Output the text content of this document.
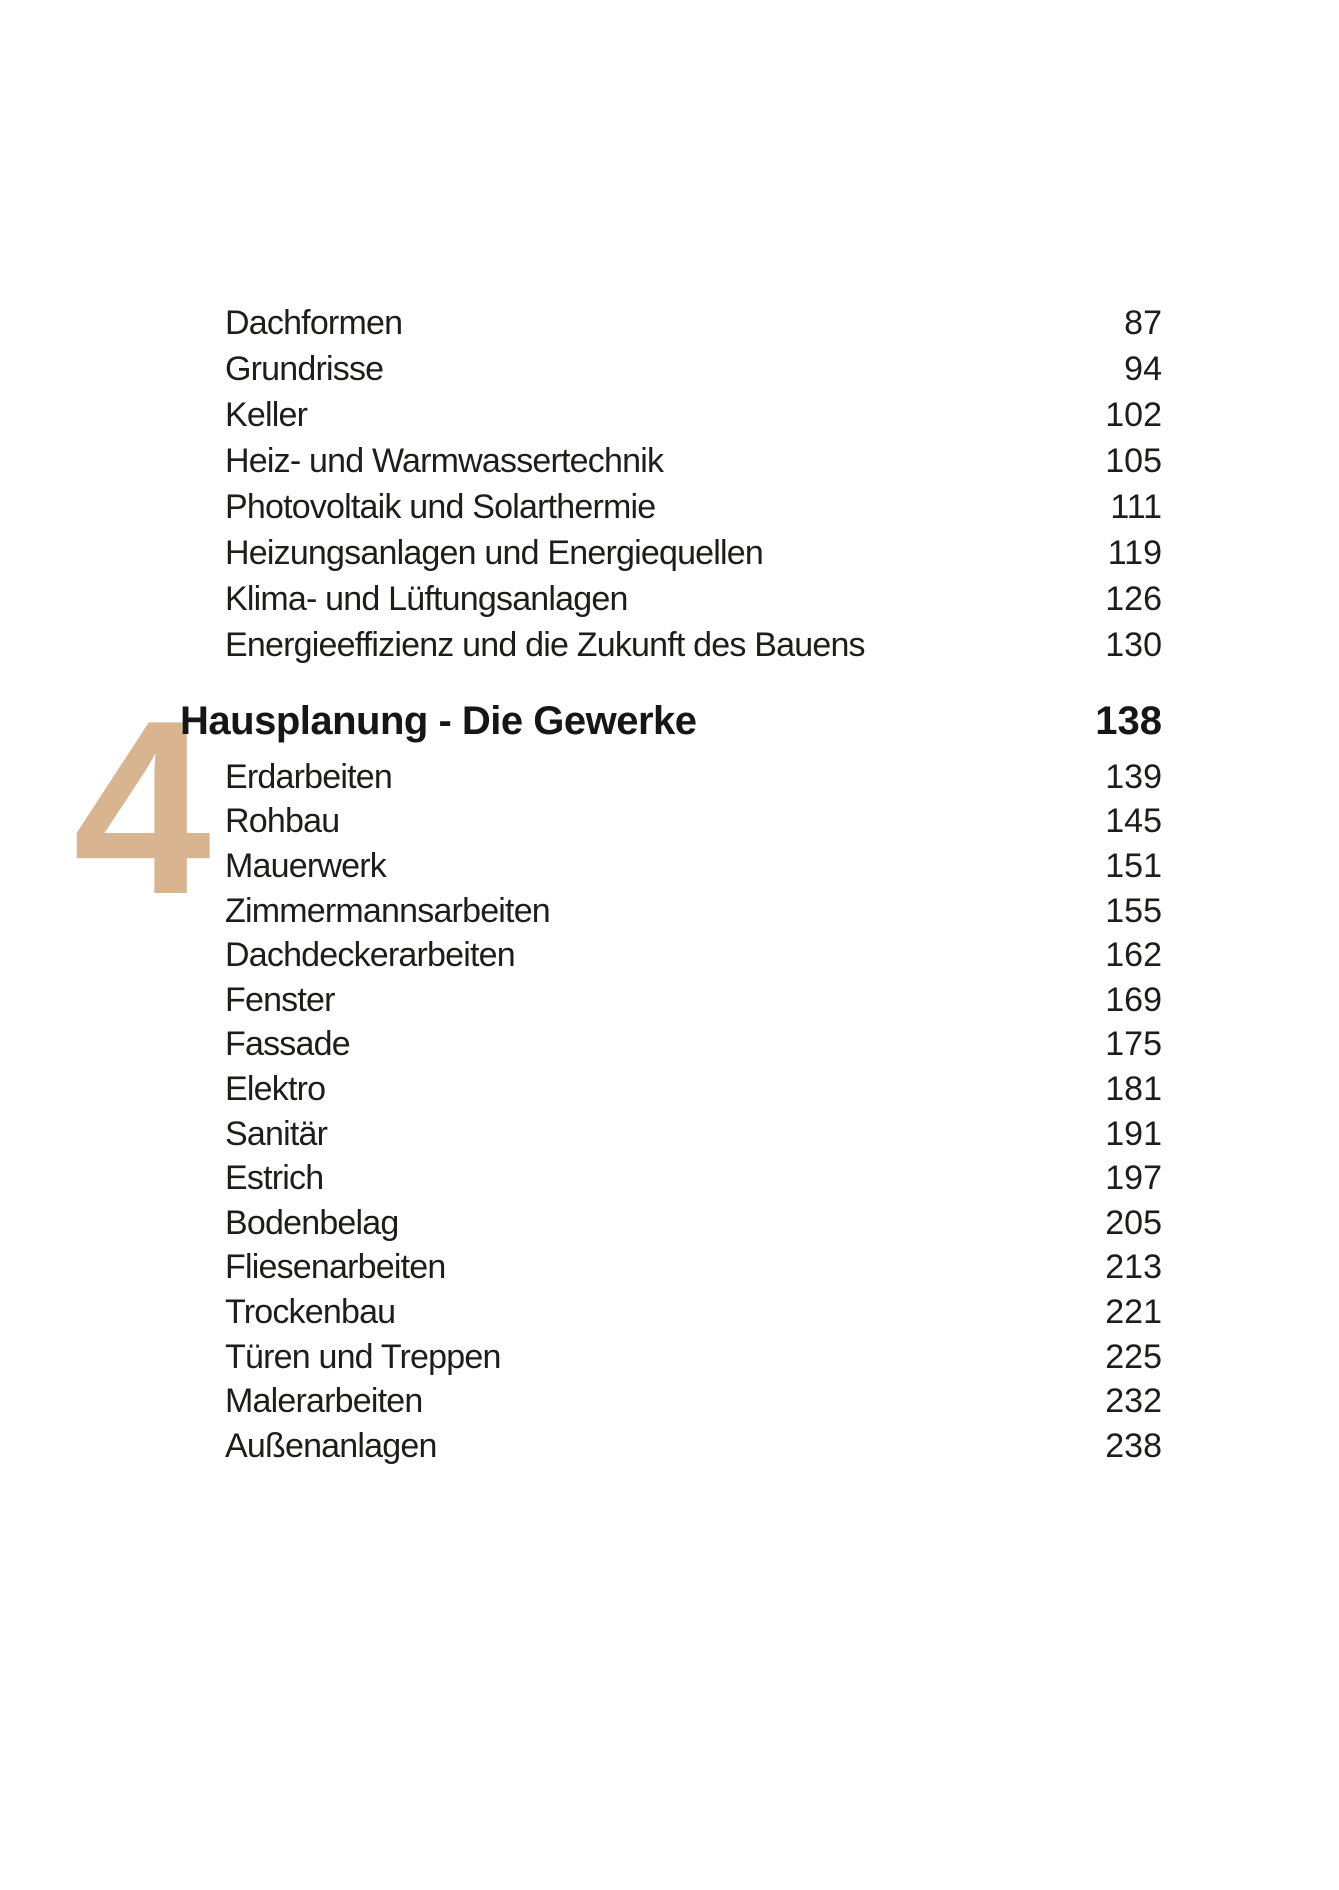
4
Dachformen	87
Grundrisse	94
Keller	102
Heiz- und Warmwassertechnik	105
Photovoltaik und Solarthermie	111
Heizungsanlagen und Energiequellen	119
Klima- und Lüftungsanlagen	126
Energieeffizienz und die Zukunft des Bauens	130
Hausplanung - Die Gewerke	138
Erdarbeiten	139
Rohbau	145
Mauerwerk	151
Zimmermannsarbeiten	155
Dachdeckerarbeiten	162
Fenster	169
Fassade	175
Elektro	181
Sanitär	191
Estrich	197
Bodenbelag	205
Fliesenarbeiten	213
Trockenbau	221
Türen und Treppen	225
Malerarbeiten	232
Außenanlagen	238
